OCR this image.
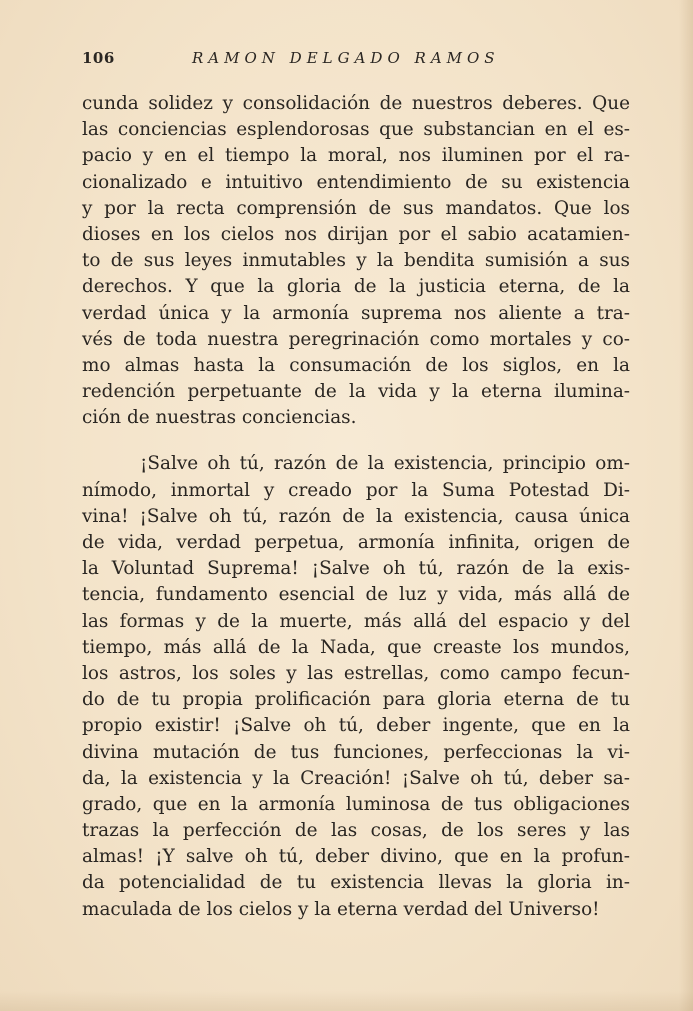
106	RAMON DELGADO RAMOS
cunda solidez y consolidación de nuestros deberes. Que
las conciencias esplendorosas que substancian en el es-
pacio y en el tiempo la moral, nos iluminen por el ra-
cionalizado e intuitivo entendimiento de su existencia
y por la recta comprensión de sus mandatos. Que los
dioses en los cielos nos dirijan por el sabio acatamien-
to de sus leyes inmutables y la bendita sumisión a sus
derechos. Y que la gloria de la justicia eterna, de la
verdad única y la armonía suprema nos aliente a tra-
vés de toda nuestra peregrinación como mortales y co-
mo almas hasta la consumación de los siglos, en la
redención perpetuante de la vida y la eterna ilumina-
ción de nuestras conciencias.
¡Salve oh tú, razón de la existencia, principio om-
nímodo, inmortal y creado por la Suma Potestad Di-
vina! ¡Salve oh tú, razón de la existencia, causa única
de vida, verdad perpetua, armonía infinita, origen de
la Voluntad Suprema! ¡Salve oh tú, razón de la exis-
tencia, fundamento esencial de luz y vida, más allá de
las formas y de la muerte, más allá del espacio y del
tiempo, más allá de la Nada, que creaste los mundos,
los astros, los soles y las estrellas, como campo fecun-
do de tu propia prolificación para gloria eterna de tu
propio existir! ¡Salve oh tú, deber ingente, que en la
divina mutación de tus funciones, perfeccionas la vi-
da, la existencia y la Creación! ¡Salve oh tú, deber sa-
grado, que en la armonía luminosa de tus obligaciones
trazas la perfección de las cosas, de los seres y las
almas! ¡Y salve oh tú, deber divino, que en la profun-
da potencialidad de tu existencia llevas la gloria in-
maculada de los cielos y la eterna verdad del Universo!
